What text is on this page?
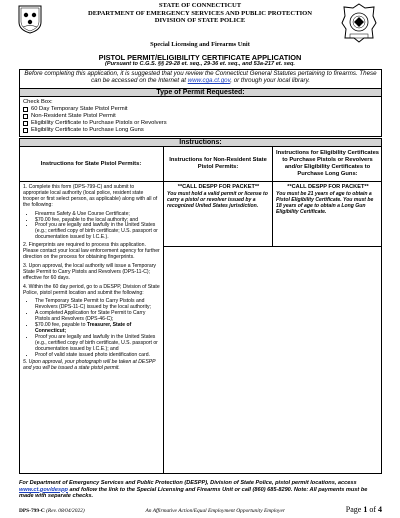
STATE OF CONNECTICUT
DEPARTMENT OF EMERGENCY SERVICES AND PUBLIC PROTECTION
DIVISION OF STATE POLICE
Special Licensing and Firearms Unit
PISTOL PERMIT/ELIGIBILITY CERTIFICATE APPLICATION
(Pursuant to C.G.S. §§ 29-28 et. seq., 29-36 et. seq., and 53a-217 et. seq.
Before completing this application, it is suggested that you review the Connecticut General Statutes pertaining to firearms. These can be accessed on the Internet at www.cga.ct.gov, or through your local library.
Type of Permit Requested:
Check Box:
60 Day Temporary State Pistol Permit
Non-Resident State Pistol Permit
Eligibility Certificate to Purchase Pistols or Revolvers
Eligibility Certificate to Purchase Long Guns
Instructions:
Instructions for State Pistol Permits:
Instructions for Non-Resident State Pistol Permits:
Instructions for Eligibility Certificates to Purchase Pistols or Revolvers and/or Eligibility Certificates to Purchase Long Guns:

1. Complete this form (DPS-799-C) and submit to appropriate local authority (local police, resident state trooper or first select person, as applicable) along with all of the following:

• Firearms Safety & Use Course Certificate;
• $70.00 fee, payable to the local authority; and
• Proof you are legally and lawfully in the United States (e.g.; certified copy of birth certificate; U.S. passport or documentation issued by I.C.E.).

2. Fingerprints are required to process this application. Please contact your local law enforcement agency for further direction on the process for obtaining fingerprints.

3. Upon approval, the local authority will issue a Temporary State Permit to Carry Pistols and Revolvers (DPS-11-C); effective for 60 days.

4. Within the 60 day period, go to a DESPP, Division of State Police, pistol permit location and submit the following:

• The Temporary State Permit to Carry Pistols and Revolvers (DPS-11-C) issued by the local authority;
• A completed Application for State Permit to Carry Pistols and Revolvers (DPS-46-C);
• $70.00 fee, payable to Treasurer, State of Connecticut;
• Proof you are legally and lawfully in the United States (e.g., certified copy of birth certificate, U.S. passport or documentation issued by I.C.E.); and
• Proof of valid state issued photo identification card.

5. Upon approval, your photograph will be taken at DESPP and you will be issued a state pistol permit.

**CALL DESPP FOR PACKET**
You must hold a valid permit or license to carry a pistol or revolver issued by a recognized United States jurisdiction.
**CALL DESPP FOR PACKET**
You must be 21 years of age to obtain a Pistol Eligibility Certificate. You must be 18 years of age to obtain a Long Gun Eligibility Certificate.
For Department of Emergency Services and Public Protection (DESPP), Division of State Police, pistol permit locations, access www.ct.gov/despp and follow the link to the Special Licensing and Firearms Unit or call (860) 685-8290. Note: All payments must be made with separate checks.
DPS-799-C (Rev. 08/04/2022)	An Affirmative Action/Equal Employment Opportunity Employer	Page 1 of 4
